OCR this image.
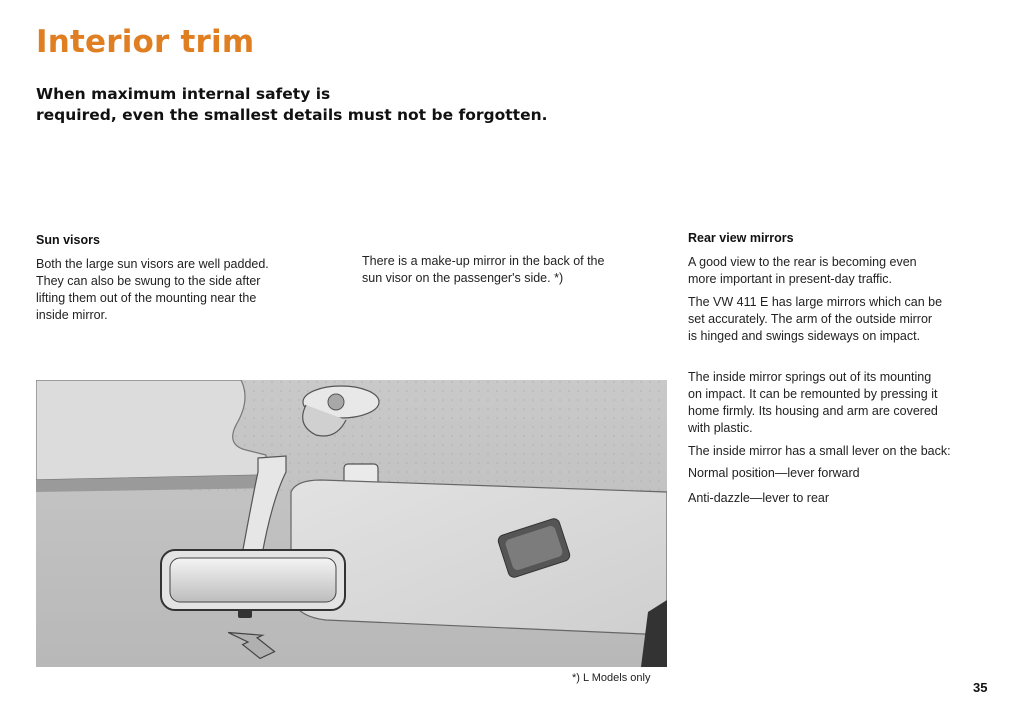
Interior trim
When maximum internal safety is
required, even the smallest details must not be forgotten.
Sun visors
Both the large sun visors are well padded.
They can also be swung to the side after
lifting them out of the mounting near the
inside mirror.
There is a make-up mirror in the back of the
sun visor on the passenger's side. *)
Rear view mirrors
A good view to the rear is becoming even
more important in present-day traffic.
The VW 411 E has large mirrors which can be
set accurately. The arm of the outside mirror
is hinged and swings sideways on impact.
The inside mirror springs out of its mounting
on impact. It can be remounted by pressing it
home firmly. Its housing and arm are covered
with plastic.
The inside mirror has a small lever on the back:
Normal position—lever forward
Anti-dazzle—lever to rear
*) L Models only
35
